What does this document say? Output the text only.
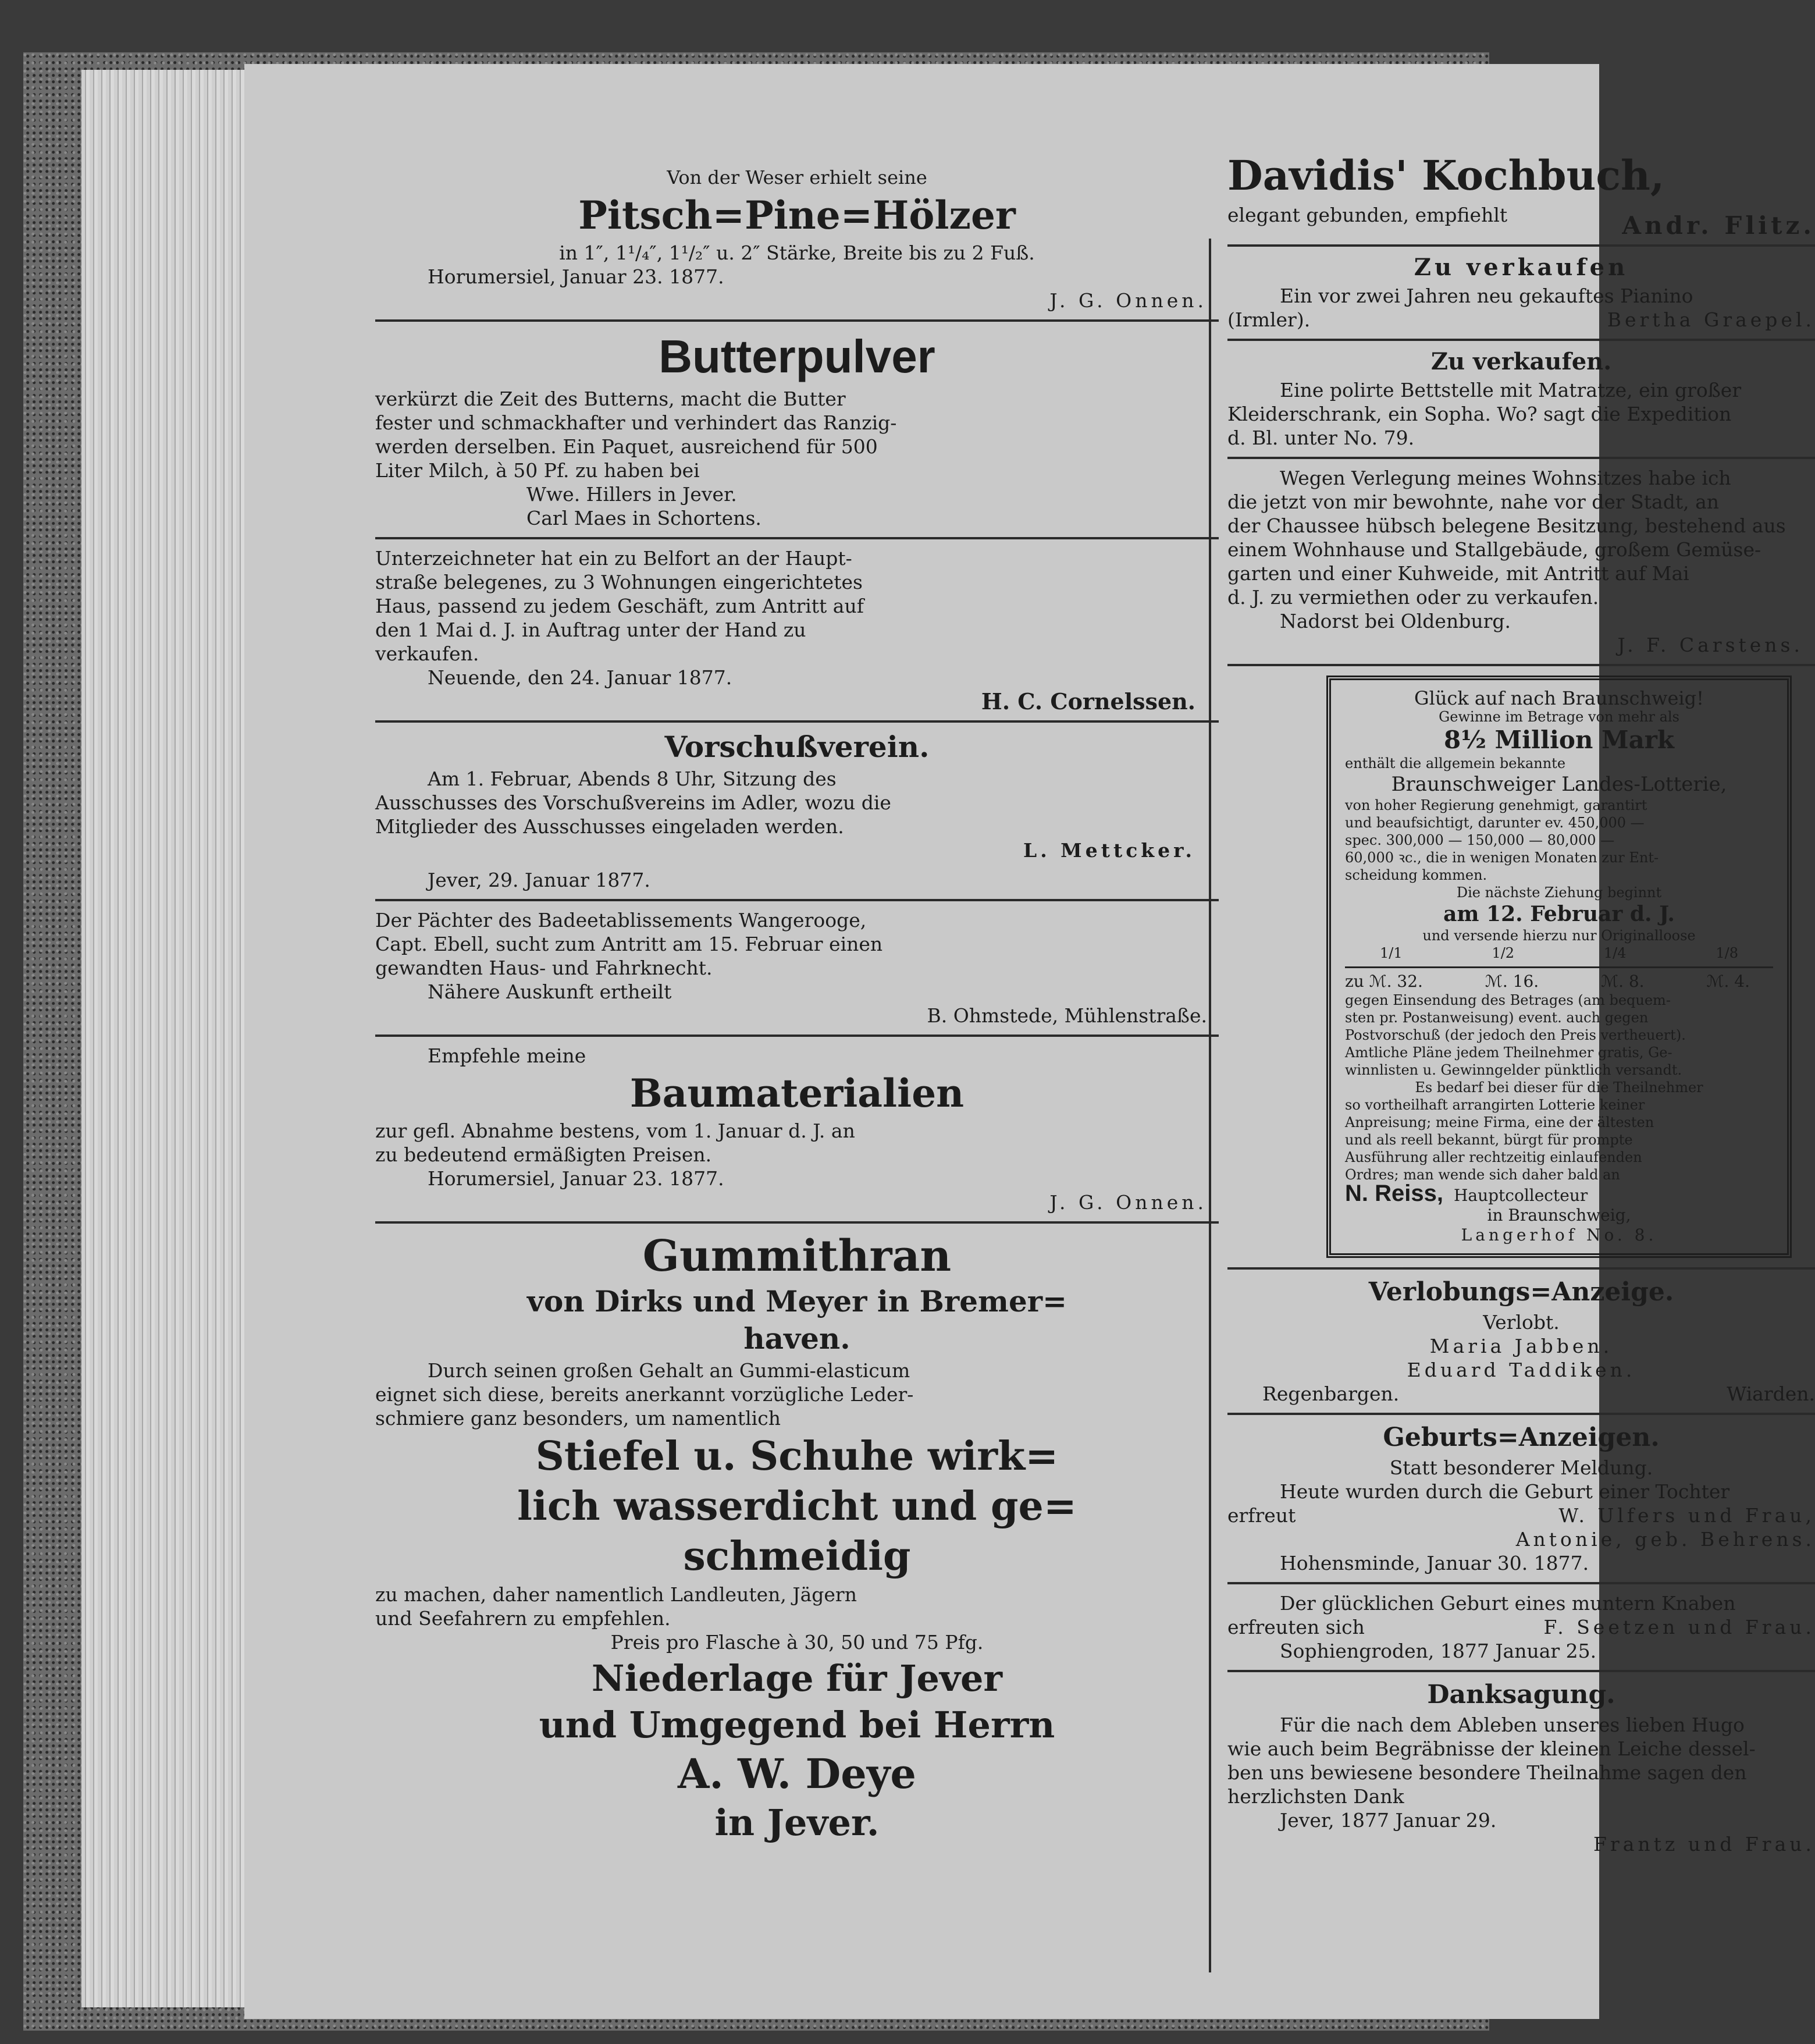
Von der Weser erhielt seine

Pitsch=Pine=Hölzer

in 1″, 1¹/₄″, 1¹/₂″ u. 2″ Stärke, Breite bis zu 2 Fuß.

Horumersiel, Januar 23. 1877.

J. G. Onnen.

Butterpulver

verkürzt die Zeit des Butterns, macht die Butter

fester und schmackhafter und verhindert das Ranzig-

werden derselben. Ein Paquet, ausreichend für 500

Liter Milch, à 50 Pf. zu haben bei

Wwe. Hillers in Jever.

Carl Maes in Schortens.

Unterzeichneter hat ein zu Belfort an der Haupt-

straße belegenes, zu 3 Wohnungen eingerichtetes

Haus, passend zu jedem Geschäft, zum Antritt auf

den 1 Mai d. J. in Auftrag unter der Hand zu

verkaufen.

Neuende, den 24. Januar 1877.

H. C. Cornelssen.

Vorschußverein.

Am 1. Februar, Abends 8 Uhr, Sitzung des

Ausschusses des Vorschußvereins im Adler, wozu die

Mitglieder des Ausschusses eingeladen werden.

L. Mettcker.

Jever, 29. Januar 1877.

Der Pächter des Badeetablissements Wangerooge,

Capt. Ebell, sucht zum Antritt am 15. Februar einen

gewandten Haus- und Fahrknecht.

Nähere Auskunft ertheilt

B. Ohmstede, Mühlenstraße.

Empfehle meine

Baumaterialien

zur gefl. Abnahme bestens, vom 1. Januar d. J. an

zu bedeutend ermäßigten Preisen.

Horumersiel, Januar 23. 1877.

J. G. Onnen.

Gummithran

von Dirks und Meyer in Bremer=

haven.

Durch seinen großen Gehalt an Gummi-elasticum

eignet sich diese, bereits anerkannt vorzügliche Leder-

schmiere ganz besonders, um namentlich

Stiefel u. Schuhe wirk=

lich wasserdicht und ge=

schmeidig

zu machen, daher namentlich Landleuten, Jägern

und Seefahrern zu empfehlen.

Preis pro Flasche à 30, 50 und 75 Pfg.

Niederlage für Jever

und Umgegend bei Herrn

A. W. Deye

in Jever.

Davidis' Kochbuch,

elegant gebunden, empfiehlt	Andr. Flitz.

Zu verkaufen

Ein vor zwei Jahren neu gekauftes Pianino

(Irmler).	Bertha Graepel.

Zu verkaufen.

Eine polirte Bettstelle mit Matratze, ein großer

Kleiderschrank, ein Sopha. Wo? sagt die Expedition

d. Bl. unter No. 79.

Wegen Verlegung meines Wohnsitzes habe ich

die jetzt von mir bewohnte, nahe vor der Stadt, an

der Chaussee hübsch belegene Besitzung, bestehend aus

einem Wohnhause und Stallgebäude, großem Gemüse-

garten und einer Kuhweide, mit Antritt auf Mai

d. J. zu vermiethen oder zu verkaufen.

Nadorst bei Oldenburg.

J. F. Carstens.

Glück auf nach Braunschweig!

Gewinne im Betrage von mehr als

8½ Million Mark

enthält die allgemein bekannte

Braunschweiger Landes-Lotterie,

von hoher Regierung genehmigt, garantirt

und beaufsichtigt, darunter ev. 450,000 —

spec. 300,000 — 150,000 — 80,000 —

60,000 ꝛc., die in wenigen Monaten zur Ent-

scheidung kommen.

Die nächste Ziehung beginnt

am 12. Februar d. J.

und versende hierzu nur Originalloose

1/1	1/2	1/4	1/8
zu ℳ. 32.	ℳ. 16.	ℳ. 8.	ℳ. 4.

gegen Einsendung des Betrages (am bequem-

sten pr. Postanweisung) event. auch gegen

Postvorschuß (der jedoch den Preis vertheuert).

Amtliche Pläne jedem Theilnehmer gratis, Ge-

winnlisten u. Gewinngelder pünktlich versandt.

Es bedarf bei dieser für die Theilnehmer

so vortheilhaft arrangirten Lotterie keiner

Anpreisung; meine Firma, eine der ältesten

und als reell bekannt, bürgt für prompte

Ausführung aller rechtzeitig einlaufenden

Ordres; man wende sich daher bald an

N. Reiss, Hauptcollecteur

in Braunschweig,

Langerhof No. 8.

Verlobungs=Anzeige.

Verlobt.

Maria Jabben.

Eduard Taddiken.

Regenbargen.	Wiarden.

Geburts=Anzeigen.

Statt besonderer Meldung.

Heute wurden durch die Geburt einer Tochter

erfreut	W. Ulfers und Frau,

Antonie, geb. Behrens.

Hohensminde, Januar 30. 1877.

Der glücklichen Geburt eines muntern Knaben

erfreuten sich	F. Seetzen und Frau.

Sophiengroden, 1877 Januar 25.

Danksagung.

Für die nach dem Ableben unseres lieben Hugo

wie auch beim Begräbnisse der kleinen Leiche dessel-

ben uns bewiesene besondere Theilnahme sagen den

herzlichsten Dank

Jever, 1877 Januar 29.

Frantz und Frau.
